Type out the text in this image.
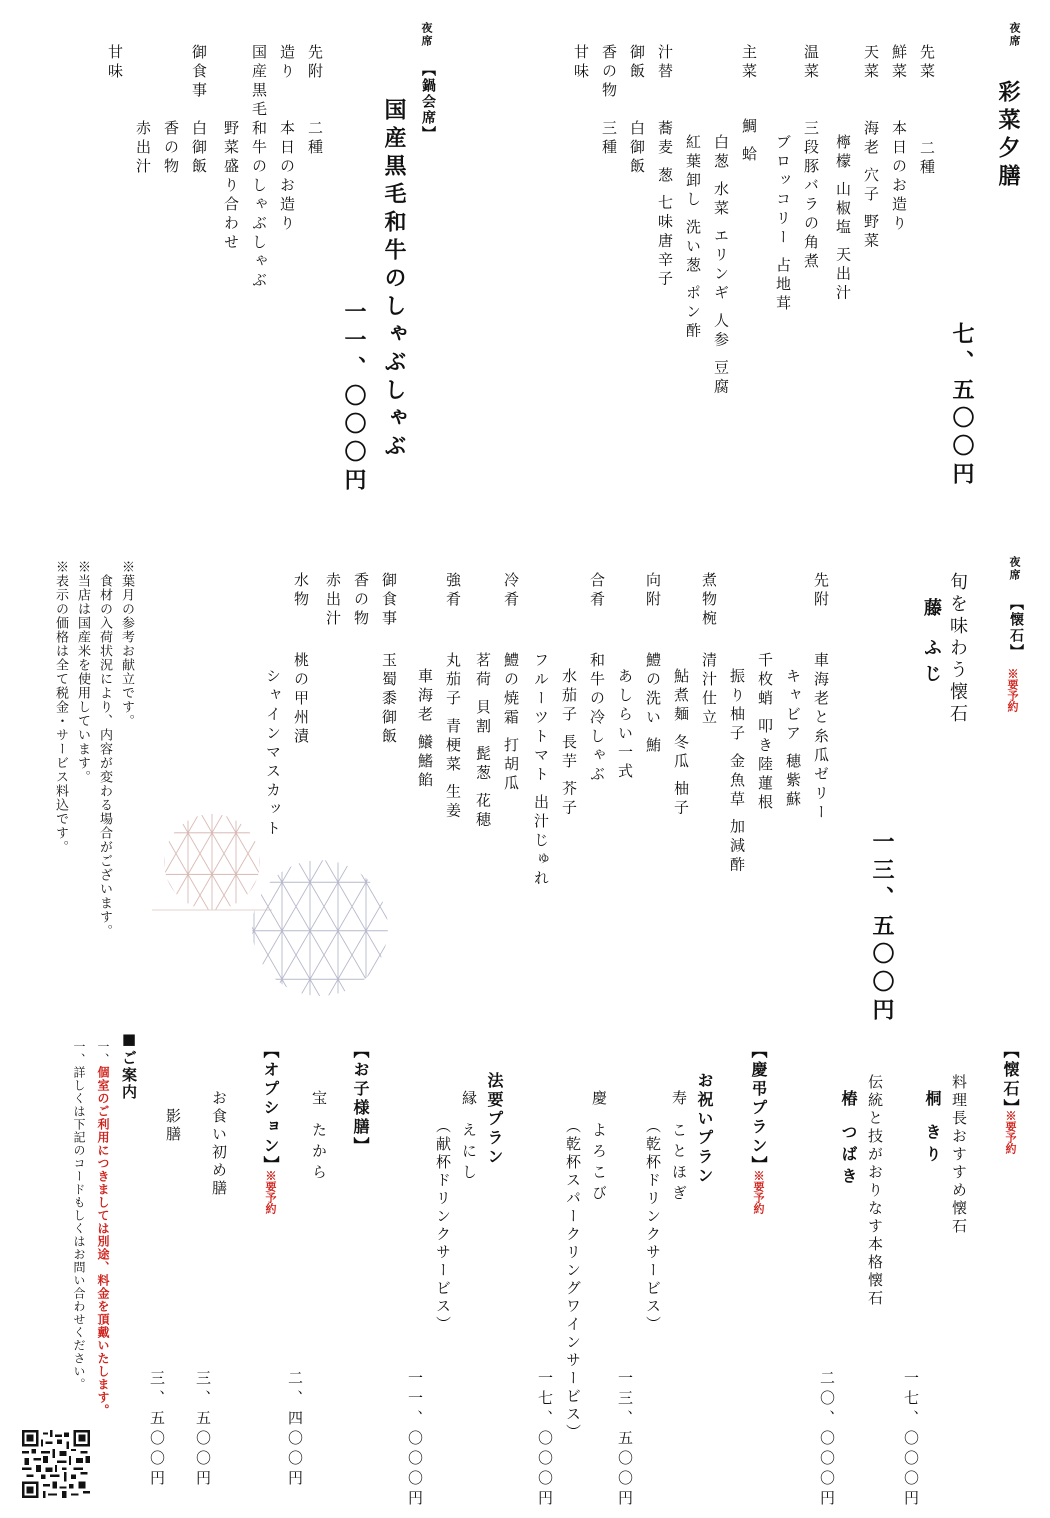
夜席
彩菜夕膳
先菜
二種
鮮菜
本日のお造り
天菜
海老 穴子 野菜
檸檬 山椒塩 天出汁
温菜
三段豚バラの角煮
ブロッコリー 占地茸
主菜
鯛 蛤
白葱 水菜 エリンギ 人参 豆腐
紅葉卸し 洗い葱 ポン酢
汁替
蕎麦 葱 七味唐辛子
御飯
白御飯
香の物
三種
甘味
七、五〇〇円
夜席
【鍋会席】
国産黒毛和牛のしゃぶしゃぶ
一一、〇〇〇円
先附
二種
造り
本日のお造り
国産黒毛和牛のしゃぶしゃぶ
野菜盛り合わせ
御食事
白御飯
香の物
赤出汁
甘味
夜席
【懐石】
※要予約
旬を味わう懐石
藤 ふじ
一三、五〇〇円
先附
車海老と糸瓜ゼリー
キャビア 穂紫蘇
千枚蛸 叩き陸蓮根
振り柚子 金魚草 加減酢
煮物椀
清汁仕立
鮎煮麺 冬瓜 柚子
向附
鱧の洗い 鮪
あしらい一式
合肴
和牛の冷しゃぶ
水茄子 長芋 芥子
フルーツトマト 出汁じゅれ
冷肴
鱧の焼霜 打胡瓜
茗荷 貝割 髭葱 花穂
強肴
丸茄子 青梗菜 生姜
車海老 鱶鰭餡
御食事
玉蜀黍御飯
香の物
赤出汁
水物
桃の甲州漬
シャインマスカット
※葉月の参考お献立です。
　食材の入荷状況により、内容が変わる場合がございます。
※当店は国産米を使用しています。
※表示の価格は全て税金・サービス料込です。
【懐石】
※要予約
料理長おすすめ懐石
桐 きり
一七、〇〇〇円
伝統と技がおりなす本格懐石
椿 つばき
二〇、〇〇〇円
【慶弔プラン】
※要予約
お祝いプラン
寿 ことほぎ
（乾杯ドリンクサービス）
一三、五〇〇円
慶 よろこび
（乾杯スパークリングワインサービス）
一七、〇〇〇円
法要プラン
縁 えにし
（献杯ドリンクサービス）
一一、〇〇〇円
【お子様膳】
宝 たから
二、四〇〇円
【オプション】
※要予約
お食い初め膳
三、五〇〇円
影膳
三、五〇〇円
■ご案内
一、個室のご利用につきましては別途、料金を頂戴いたします。
一、詳しくは下記のコードもしくはお問い合わせください。
